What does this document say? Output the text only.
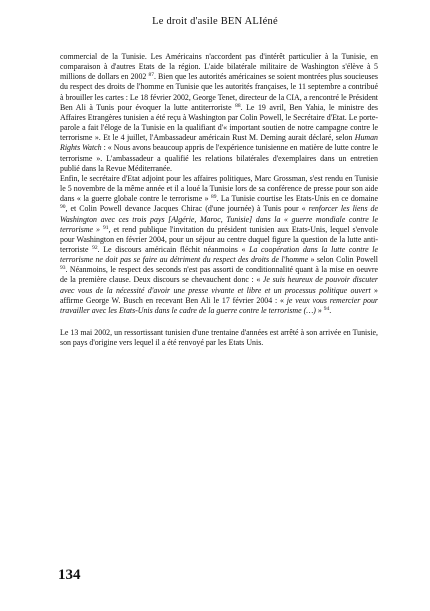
Le droit d'asile BEN ALIéné

commercial de la Tunisie. Les Américains n'accordent pas d'intérêt particulier à la Tunisie, en comparaison à d'autres Etats de la région. L'aide bilatérale militaire de Washington s'élève à 5 millions de dollars en 2002 $^{87}$. Bien que les autorités américaines se soient montrées plus soucieuses du respect des droits de l'homme en Tunisie que les autorités françaises, le 11 septembre a contribué à brouiller les cartes : Le 18 février 2002, George Tenet, directeur de la CIA, a rencontré le Président Ben Ali à Tunis pour évoquer la lutte antiterroriste $^{88}$. Le 19 avril, Ben Yahia, le ministre des Affaires Etrangères tunisien a été reçu à Washington par Colin Powell, le Secrétaire d'Etat. Le porte-parole a fait l'éloge de la Tunisie en la qualifiant d'« important soutien de notre campagne contre le terrorisme ». Et le 4 juillet, l'Ambassadeur américain Rust M. Deming aurait déclaré, selon Human Rights Watch : « Nous avons beaucoup appris de l'expérience tunisienne en matière de lutte contre le terrorisme ». L'ambassadeur a qualifié les relations bilatérales d'exemplaires dans un entretien publié dans la Revue Méditerranée.

Enfin, le secrétaire d'Etat adjoint pour les affaires politiques, Marc Grossman, s'est rendu en Tunisie le 5 novembre de la même année et il a loué la Tunisie lors de sa conférence de presse pour son aide dans « la guerre globale contre le terrorisme » $^{89}$. La Tunisie courtise les Etats-Unis en ce domaine $^{90}$, et Colin Powell devance Jacques Chirac (d'une journée) à Tunis pour « renforcer les liens de Washington avec ces trois pays [Algérie, Maroc, Tunisie] dans la « guerre mondiale contre le terrorisme » $^{91}$, et rend publique l'invitation du président tunisien aux Etats-Unis, lequel s'envole pour Washington en février 2004, pour un séjour au centre duquel figure la question de la lutte anti-terroriste $^{92}$. Le discours américain fléchit néanmoins « La coopération dans la lutte contre le terrorisme ne doit pas se faire au détriment du respect des droits de l'homme » selon Colin Powell $^{93}$. Néanmoins, le respect des seconds n'est pas assorti de conditionnalité quant à la mise en oeuvre de la première clause. Deux discours se chevauchent donc : « Je suis heureux de pouvoir discuter avec vous de la nécessité d'avoir une presse vivante et libre et un processus politique ouvert » affirme George W. Busch en recevant Ben Ali le 17 février 2004 : « je veux vous remercier pour travailler avec les Etats-Unis dans le cadre de la guerre contre le terrorisme (…) » $^{94}$.

Le 13 mai 2002, un ressortissant tunisien d'une trentaine d'années est arrêté à son arrivée en Tunisie, son pays d'origine vers lequel il a été renvoyé par les Etats Unis.

134
